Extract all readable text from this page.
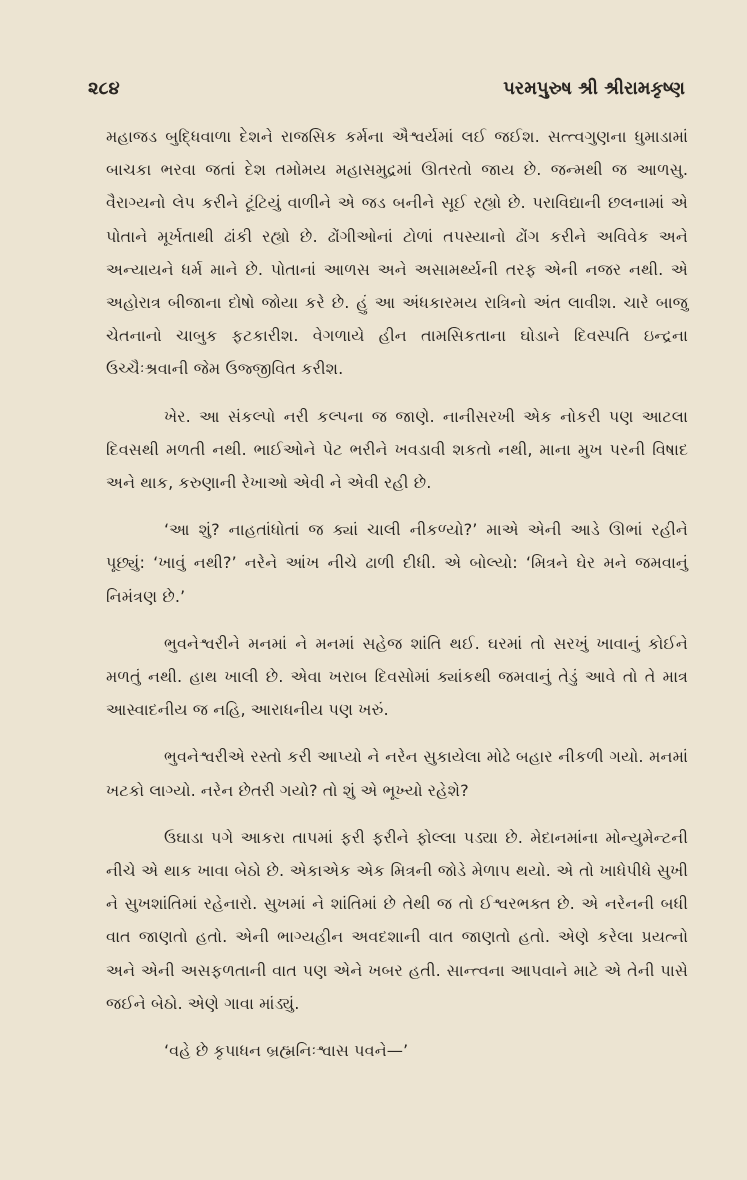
૨૮૪	પરમપુરુષ શ્રી શ્રીરામકૃષ્ણ

મહાજડ બુદ્ધિવાળા દેશને રાજસિક કર્મના ઐશ્વર્યમાં લઈ જઈશ. સત્ત્વગુણના ધુમાડામાં બાચકા ભરવા જતાં દેશ તમોમય મહાસમુદ્રમાં ઊતરતો જાય છે. જન્મથી જ આળસુ. વૈરાગ્યનો લેપ કરીને ટૂંટિયું વાળીને એ જડ બનીને સૂઈ રહ્યો છે. પરાવિદ્યાની છલનામાં એ પોતાને મૂર્ખતાથી ઢાંકી રહ્યો છે. ઢોંગીઓનાં ટોળાં તપસ્યાનો ઢોંગ કરીને અવિવેક અને અન્યાયને ધર્મ માને છે. પોતાનાં આળસ અને અસામર્થ્યની તરફ એની નજર નથી. એ અહોરાત્ર બીજાના દોષો જોયા કરે છે. હું આ અંધકારમય રાત્રિનો અંત લાવીશ. ચારે બાજુ ચેતનાનો ચાબુક ફટકારીશ. વેગળાયે હીન તામસિકતાના ઘોડાને દિવસ્પતિ ઇન્દ્રના ઉચ્ચૈઃશ્રવાની જેમ ઉજ્જીવિત કરીશ.

ખેર. આ સંકલ્પો નરી કલ્પના જ જાણે. નાનીસરખી એક નોકરી પણ આટલા દિવસથી મળતી નથી. ભાઈઓને પેટ ભરીને ખવડાવી શકતો નથી, માના મુખ પરની વિષાદ અને થાક, કરુણાની રેખાઓ એવી ને એવી રહી છે.

‘આ શું? નાહતાંધોતાં જ ક્યાં ચાલી નીકળ્યો?’ માએ એની આડે ઊભાં રહીને પૂછ્યું: ‘ખાવું નથી?’ નરેને આંખ નીચે ઢાળી દીધી. એ બોલ્યો: ‘મિત્રને ઘેર મને જમવાનું નિમંત્રણ છે.’

ભુવનેશ્વરીને મનમાં ને મનમાં સહેજ શાંતિ થઈ. ઘરમાં તો સરખું ખાવાનું કોઈને મળતું નથી. હાથ ખાલી છે. એવા ખરાબ દિવસોમાં ક્યાંકથી જમવાનું તેડું આવે તો તે માત્ર આસ્વાદનીય જ નહિ, આરાધનીય પણ ખરું.

ભુવનેશ્વરીએ રસ્તો કરી આપ્યો ને નરેન સુકાયેલા મોઢે બહાર નીકળી ગયો. મનમાં ખટકો લાગ્યો. નરેન છેતરી ગયો? તો શું એ ભૂખ્યો રહેશે?

ઉઘાડા પગે આકરા તાપમાં ફરી ફરીને ફોલ્લા પડ્યા છે. મેદાનમાંના મોન્યુમેન્ટની નીચે એ થાક ખાવા બેઠો છે. એકાએક એક મિત્રની જોડે મેળાપ થયો. એ તો ખાધેપીધે સુખી ને સુખશાંતિમાં રહેનારો. સુખમાં ને શાંતિમાં છે તેથી જ તો ઈશ્વરભક્ત છે. એ નરેનની બધી વાત જાણતો હતો. એની ભાગ્યહીન અવદશાની વાત જાણતો હતો. એણે કરેલા પ્રયત્નો અને એની અસફળતાની વાત પણ એને ખબર હતી. સાન્ત્વના આપવાને માટે એ તેની પાસે જઈને બેઠો. એણે ગાવા માંડ્યું.

‘વહે છે કૃપાધન બ્રહ્મનિઃશ્વાસ પવને—’
